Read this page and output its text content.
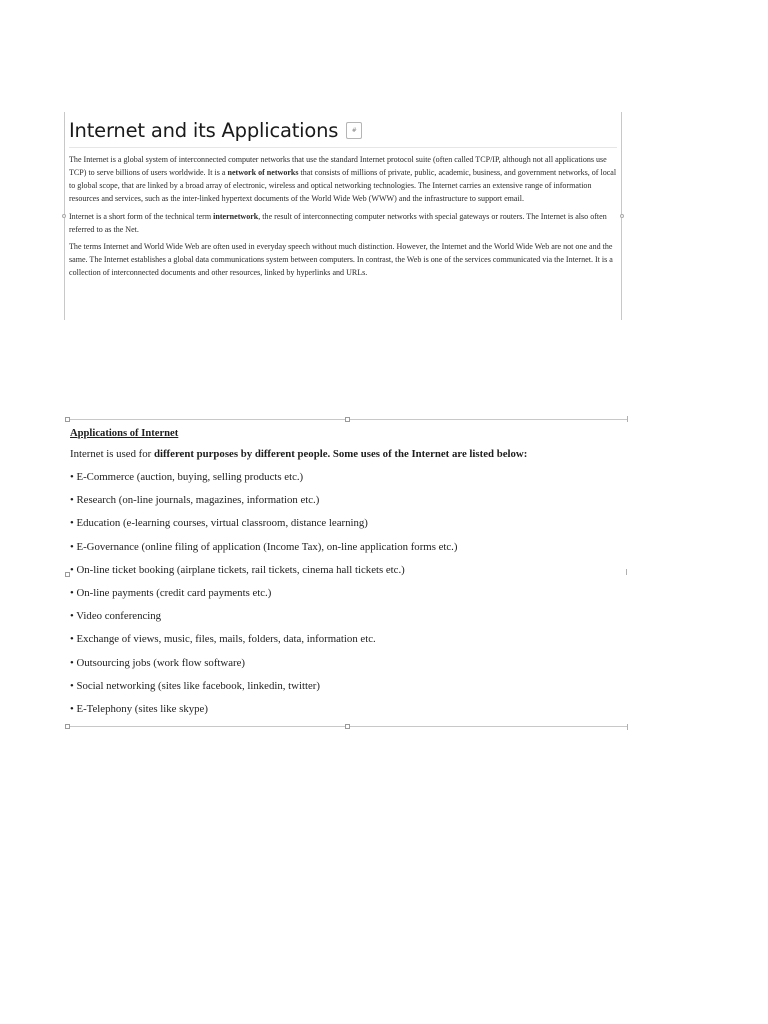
Internet and its Applications	#

The Internet is a global system of interconnected computer networks that use the standard Internet protocol suite (often called TCP/IP, although not all applications use TCP) to serve billions of users worldwide. It is a network of networks that consists of millions of private, public, academic, business, and government networks, of local to global scope, that are linked by a broad array of electronic, wireless and optical networking technologies. The Internet carries an extensive range of information resources and services, such as the inter-linked hypertext documents of the World Wide Web (WWW) and the infrastructure to support email.

Internet is a short form of the technical term internetwork, the result of interconnecting computer networks with special gateways or routers. The Internet is also often referred to as the Net.

The terms Internet and World Wide Web are often used in everyday speech without much distinction. However, the Internet and the World Wide Web are not one and the same. The Internet establishes a global data communications system between computers. In contrast, the Web is one of the services communicated via the Internet. It is a collection of interconnected documents and other resources, linked by hyperlinks and URLs.

Applications of Internet

Internet is used for different purposes by different people. Some uses of the Internet are listed below:

• E-Commerce (auction, buying, selling products etc.)
• Research (on-line journals, magazines, information etc.)
• Education (e-learning courses, virtual classroom, distance learning)
• E-Governance (online filing of application (Income Tax), on-line application forms etc.)
• On-line ticket booking (airplane tickets, rail tickets, cinema hall tickets etc.)
• On-line payments (credit card payments etc.)
• Video conferencing
• Exchange of views, music, files, mails, folders, data, information etc.
• Outsourcing jobs (work flow software)
• Social networking (sites like facebook, linkedin, twitter)
• E-Telephony (sites like skype)
